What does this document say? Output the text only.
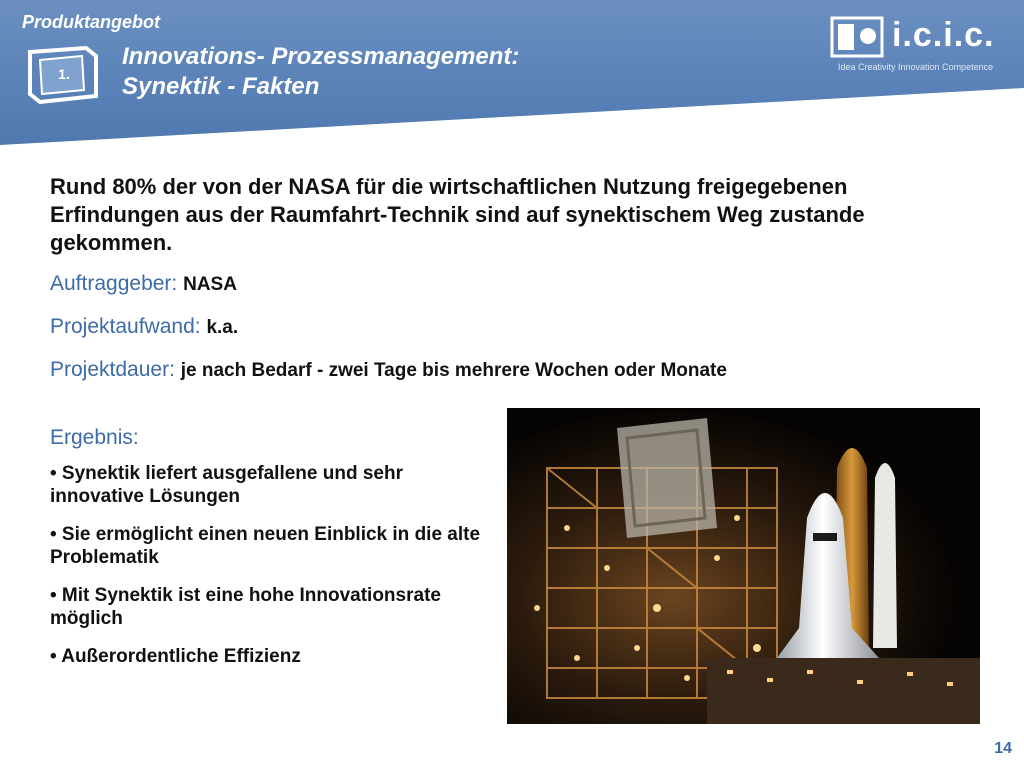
Produktangebot
1.
Innovations- Prozessmanagement:
Synektik - Fakten
i.c.i.c.
Idea Creativity Innovation Competence
Rund 80% der von der NASA für die wirtschaftlichen Nutzung freigegebenen Erfindungen aus der Raumfahrt-Technik sind auf synektischem Weg zustande gekommen.
Auftraggeber: NASA
Projektaufwand: k.a.
Projektdauer: je nach Bedarf - zwei Tage bis mehrere Wochen oder Monate
Ergebnis:
• Synektik liefert ausgefallene und sehr innovative Lösungen
• Sie ermöglicht einen neuen Einblick in die alte Problematik
• Mit Synektik ist eine hohe Innovationsrate möglich
• Außerordentliche Effizienz
14
